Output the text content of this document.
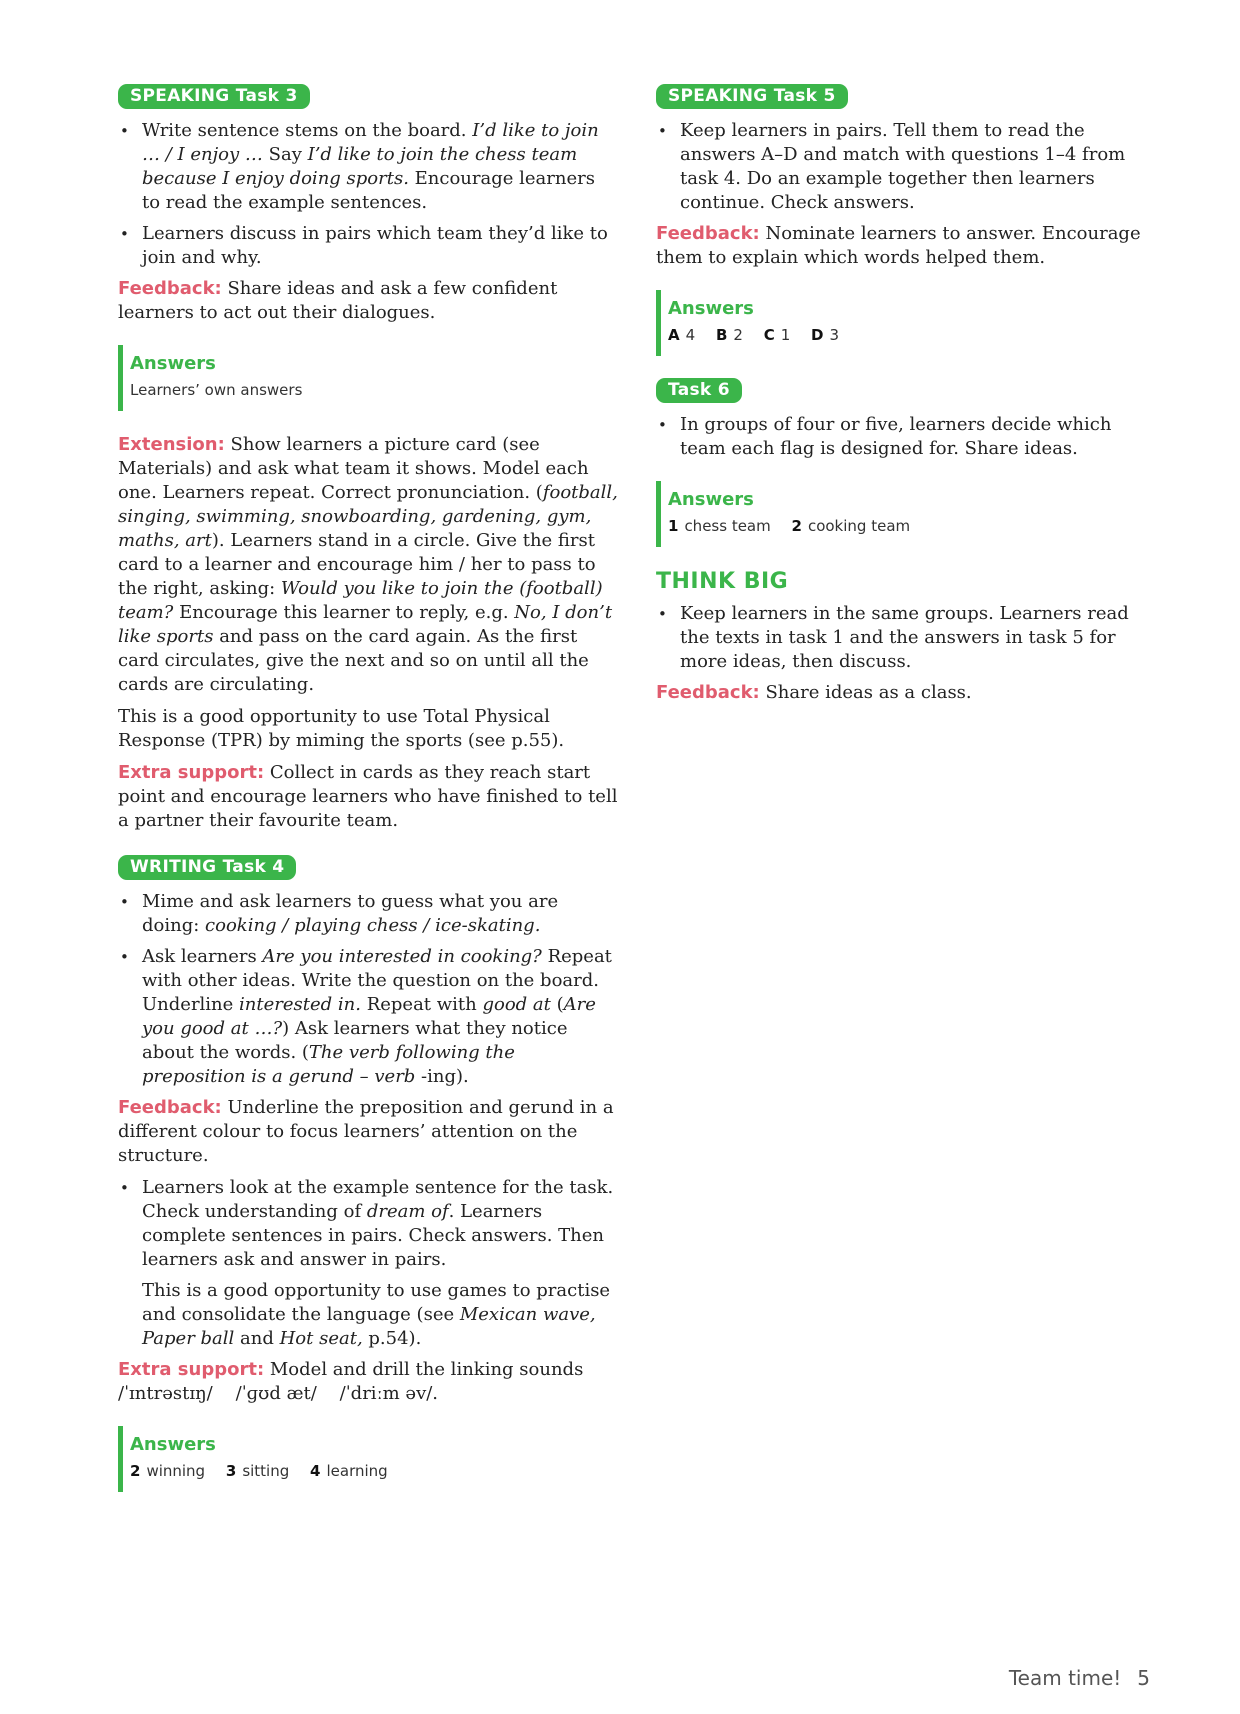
SPEAKING Task 3
• Write sentence stems on the board. I’d like to join … / I enjoy … Say I’d like to join the chess team because I enjoy doing sports. Encourage learners to read the example sentences.
• Learners discuss in pairs which team they’d like to join and why.

Feedback: Share ideas and ask a few confident learners to act out their dialogues.

Answers
Learners’ own answers

Extension: Show learners a picture card (see Materials) and ask what team it shows. Model each one. Learners repeat. Correct pronunciation. (football, singing, swimming, snowboarding, gardening, gym, maths, art). Learners stand in a circle. Give the first card to a learner and encourage him / her to pass to the right, asking: Would you like to join the (football) team? Encourage this learner to reply, e.g. No, I don’t like sports and pass on the card again. As the first card circulates, give the next and so on until all the cards are circulating.

This is a good opportunity to use Total Physical Response (TPR) by miming the sports (see p.55).

Extra support: Collect in cards as they reach start point and encourage learners who have finished to tell a partner their favourite team.

WRITING Task 4
• Mime and ask learners to guess what you are doing: cooking / playing chess / ice-skating.
• Ask learners Are you interested in cooking? Repeat with other ideas. Write the question on the board. Underline interested in. Repeat with good at (Are you good at …?) Ask learners what they notice about the words. (The verb following the preposition is a gerund – verb -ing).

Feedback: Underline the preposition and gerund in a different colour to focus learners’ attention on the structure.

• Learners look at the example sentence for the task. Check understanding of dream of. Learners complete sentences in pairs. Check answers. Then learners ask and answer in pairs.
This is a good opportunity to use games to practise and consolidate the language (see Mexican wave, Paper ball and Hot seat, p.54).

Extra support: Model and drill the linking sounds
/ˈɪntrəstɪŋ/    /ˈɡʊd æt/    /ˈdriːm əv/.

Answers
2 winning 3 sitting 4 learning
SPEAKING Task 5
• Keep learners in pairs. Tell them to read the answers A–D and match with questions 1–4 from task 4. Do an example together then learners continue. Check answers.

Feedback: Nominate learners to answer. Encourage them to explain which words helped them.

Answers
A 4 B 2 C 1 D 3
Task 6
• In groups of four or five, learners decide which team each flag is designed for. Share ideas.
Answers
1 chess team 2 cooking team
THINK BIG
• Keep learners in the same groups. Learners read the texts in task 1 and the answers in task 5 for more ideas, then discuss.

Feedback: Share ideas as a class.

Team time! 5
